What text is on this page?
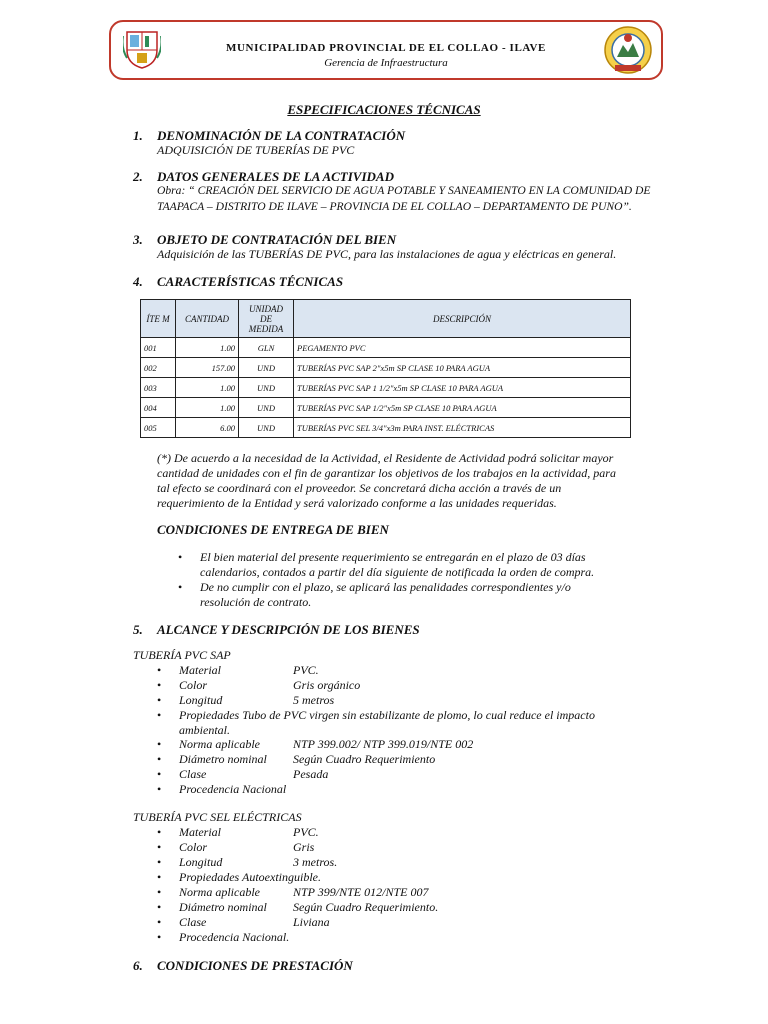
MUNICIPALIDAD PROVINCIAL DE EL COLLAO - ILAVE
Gerencia de Infraestructura
ESPECIFICACIONES TÉCNICAS
1. DENOMINACIÓN DE LA CONTRATACIÓN
ADQUISICIÓN DE TUBERÍAS DE PVC
2. DATOS GENERALES DE LA ACTIVIDAD
Obra: “ CREACIÓN DEL SERVICIO DE AGUA POTABLE Y SANEAMIENTO EN LA COMUNIDAD DE
TAAPACA – DISTRITO DE ILAVE – PROVINCIA DE EL COLLAO – DEPARTAMENTO DE PUNO”.
3. OBJETO DE CONTRATACIÓN DEL BIEN
Adquisición de las TUBERÍAS DE PVC, para las instalaciones de agua y eléctricas en general.
4. CARACTERÍSTICAS TÉCNICAS
ÍTE M	CANTIDAD	UNIDAD DE MEDIDA	DESCRIPCIÓN
001	1.00	GLN	PEGAMENTO PVC
002	157.00	UND	TUBERÍAS PVC SAP 2"x5m SP CLASE 10 PARA AGUA
003	1.00	UND	TUBERÍAS PVC SAP 1 1/2"x5m SP CLASE 10 PARA AGUA
004	1.00	UND	TUBERÍAS PVC SAP 1/2"x5m SP CLASE 10 PARA AGUA
005	6.00	UND	TUBERÍAS PVC SEL 3/4"x3m PARA INST. ELÉCTRICAS
(*) De acuerdo a la necesidad de la Actividad, el Residente de Actividad podrá solicitar mayor
cantidad de unidades con el fin de garantizar los objetivos de los trabajos en la actividad, para
tal efecto se coordinará con el proveedor. Se concretará dicha acción a través de un
requerimiento de la Entidad y será valorizado conforme a las unidades requeridas.
CONDICIONES DE ENTREGA DE BIEN
• El bien material del presente requerimiento se entregarán en el plazo de 03 días
calendarios, contados a partir del día siguiente de notificada la orden de compra.
• De no cumplir con el plazo, se aplicará las penalidades correspondientes y/o
resolución de contrato.
5. ALCANCE Y DESCRIPCIÓN DE LOS BIENES
TUBERÍA PVC SAP
• Material	PVC.
• Color	Gris orgánico
• Longitud	5 metros
• Propiedades Tubo de PVC virgen sin estabilizante de plomo, lo cual reduce el impacto
ambiental.
• Norma aplicable	NTP 399.002/ NTP 399.019/NTE 002
• Diámetro nominal Según Cuadro Requerimiento
• Clase	Pesada
• Procedencia Nacional
TUBERÍA PVC SEL ELÉCTRICAS
• Material	PVC.
• Color	Gris
• Longitud	3 metros.
• Propiedades Autoextinguible.
• Norma aplicable	NTP 399/NTE 012/NTE 007
• Diámetro nominal Según Cuadro Requerimiento.
• Clase	Liviana
• Procedencia Nacional.
6. CONDICIONES DE PRESTACIÓN
